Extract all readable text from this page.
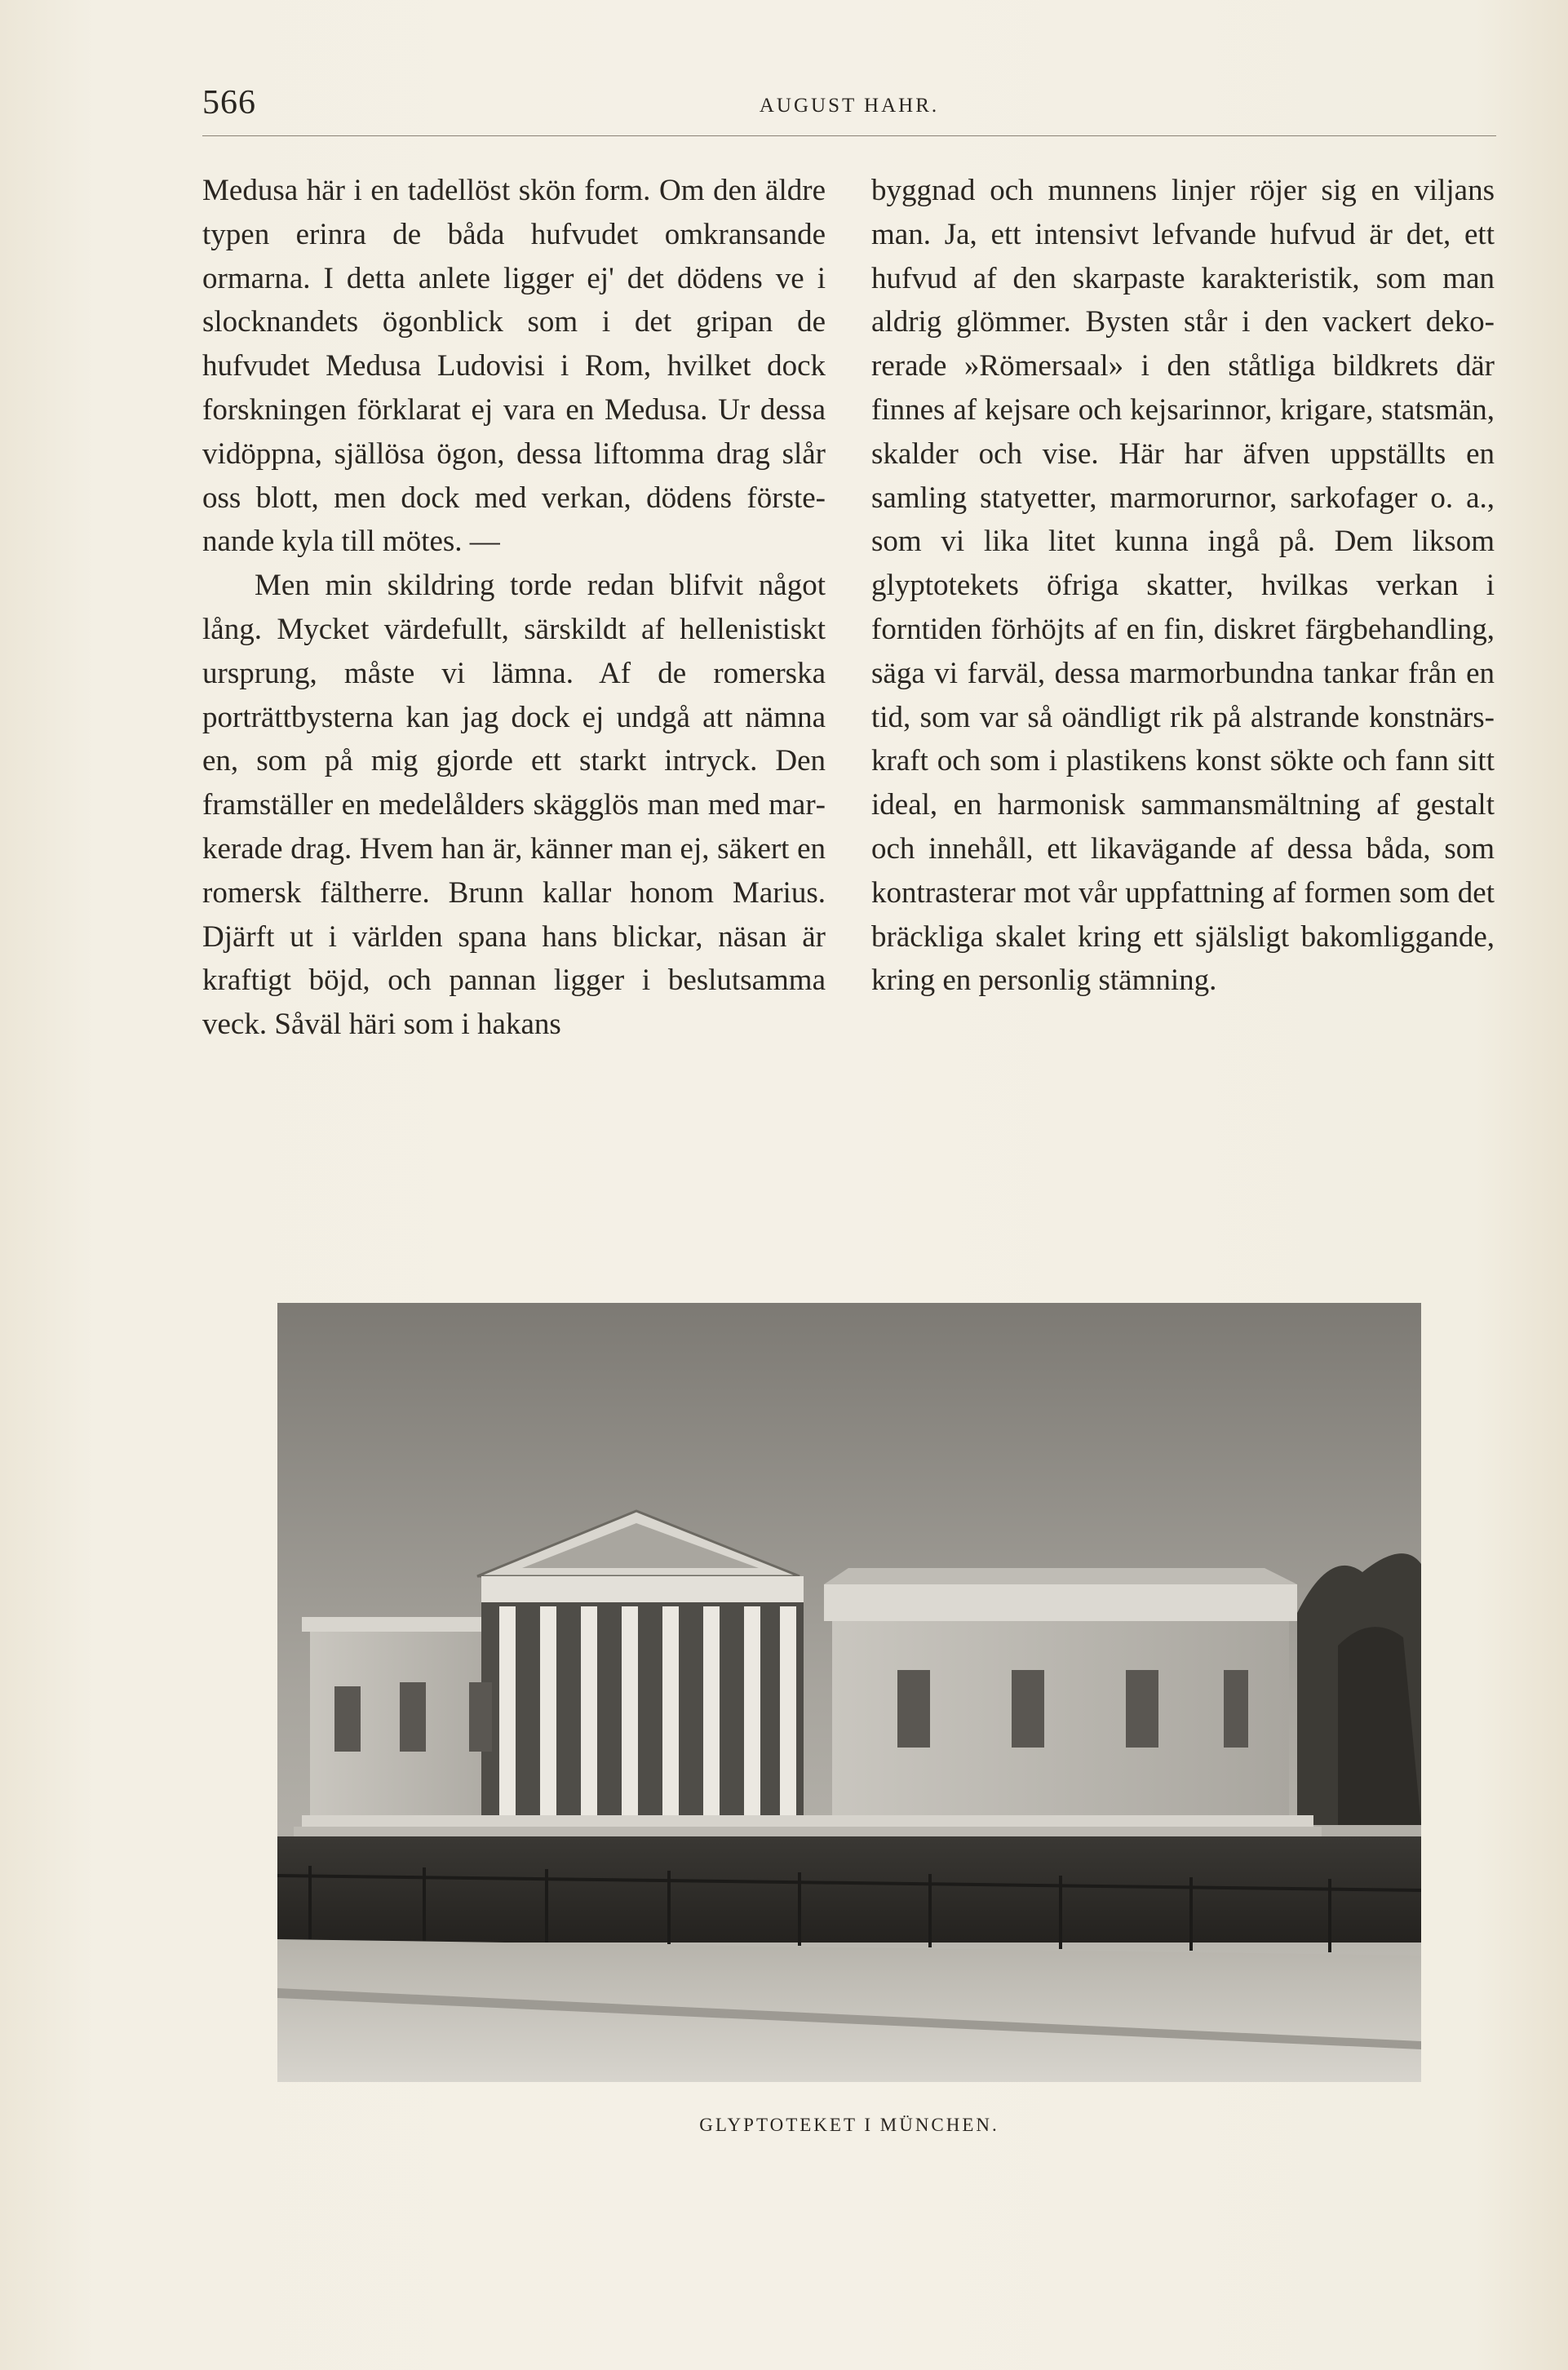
566	AUGUST HAHR.

Medusa här i en tadellöst skön form. Om den äldre typen erinra de båda hufvudet omkransande ormarna. I detta anlete ligger ej' det dödens ve i slocknandets ögonblick som i det gripan de hufvudet Medusa Ludovisi i Rom, hvilket dock forskningen förklarat ej vara en Medusa. Ur dessa vidöppna, själlösa ögon, dessa liftomma drag slår oss blott, men dock med verkan, dödens förstenande kyla till mötes. —

Men min skildring torde redan blifvit något lång. Mycket värdefullt, särskildt af hellenistiskt ursprung, måste vi lämna. Af de romerska porträttbysterna kan jag dock ej undgå att nämna en, som på mig gjorde ett starkt intryck. Den framställer en medelålders skägglös man med markerade drag. Hvem han är, känner man ej, säkert en romersk fältherre. Brunn kallar honom Marius. Djärft ut i världen spana hans blickar, näsan är kraftigt böjd, och pannan ligger i beslutsamma veck. Såväl häri som i hakans

byggnad och munnens linjer röjer sig en viljans man. Ja, ett intensivt lefvande hufvud är det, ett hufvud af den skarpaste karakteristik, som man aldrig glömmer. Bysten står i den vackert dekorerade »Römersaal» i den ståtliga bildkrets där finnes af kejsare och kejsarinnor, krigare, statsmän, skalder och vise. Här har äfven uppställts en samling statyetter, marmorurnor, sarkofager o. a., som vi lika litet kunna ingå på. Dem liksom glyptotekets öfriga skatter, hvilkas verkan i forntiden förhöjts af en fin, diskret färgbehandling, säga vi farväl, dessa marmorbundna tankar från en tid, som var så oändligt rik på alstrande konstnärskraft och som i plastikens konst sökte och fann sitt ideal, en harmonisk sammansmältning af gestalt och innehåll, ett likavägande af dessa båda, som kontrasterar mot vår uppfattning af formen som det bräckliga skalet kring ett själsligt bakomliggande, kring en personlig stämning.

GLYPTOTEKET I MÜNCHEN.
